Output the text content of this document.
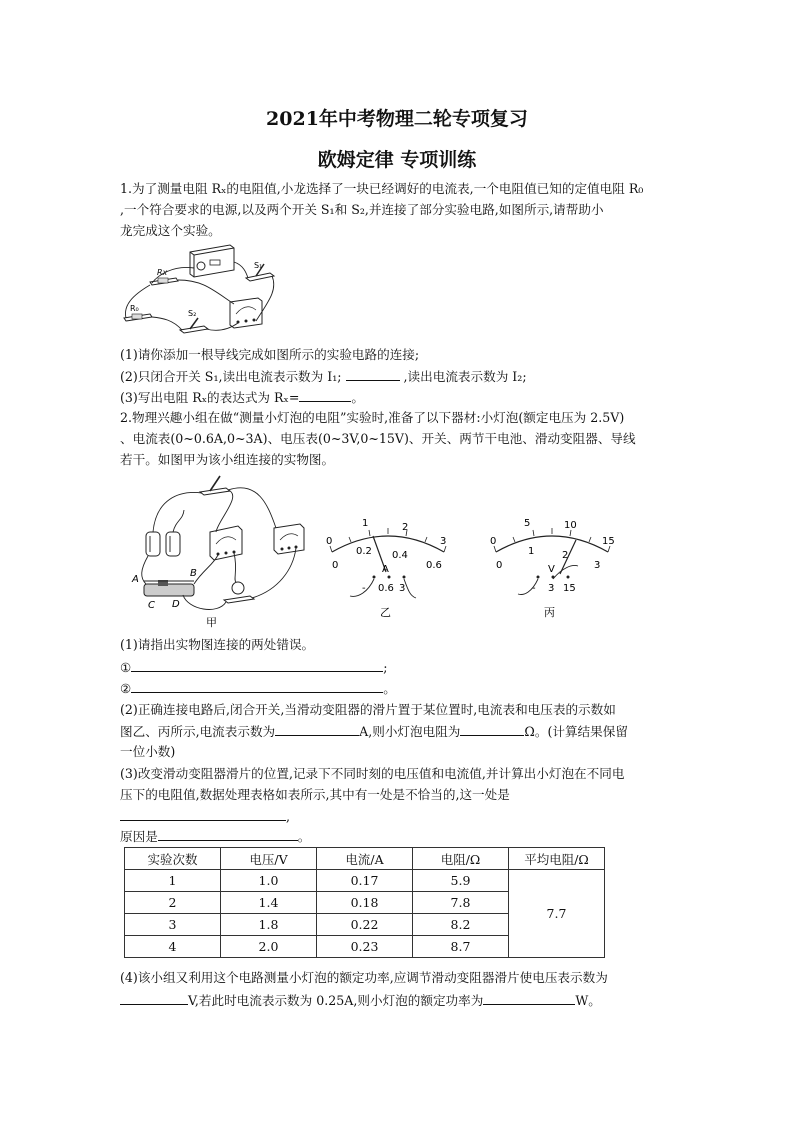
2021年中考物理二轮专项复习
欧姆定律 专项训练
1.为了测量电阻 Rₓ的电阻值,小龙选择了一块已经调好的电流表,一个电阻值已知的定值电阻 R₀
,一个符合要求的电源,以及两个开关 S₁和 S₂,并连接了部分实验电路,如图所示,请帮助小
龙完成这个实验。
S₁
Rx
R₀
S₂
(1)请你添加一根导线完成如图所示的实验电路的连接;
(2)只闭合开关 S₁,读出电流表示数为 I₁;	,读出电流表示数为 I₂;
(3)写出电阻 Rₓ的表达式为 Rₓ=	。
2.物理兴趣小组在做“测量小灯泡的电阻”实验时,准备了以下器材:小灯泡(额定电压为 2.5V)
、电流表(0~0.6A,0~3A)、电压表(0~3V,0~15V)、开关、两节干电池、滑动变阻器、导线
若干。如图甲为该小组连接的实物图。
A
B
C D
甲
0
1	2
3
0
0.2 0.4
0.6
A
- 0.6 3
乙
0
5	10
15
0
1	2
3
V
- 3 15
丙
(1)请指出实物图连接的两处错误。
①	;
②	。
(2)正确连接电路后,闭合开关,当滑动变阻器的滑片置于某位置时,电流表和电压表的示数如
图乙、丙所示,电流表示数为	A,则小灯泡电阻为	Ω。(计算结果保留
一位小数)
(3)改变滑动变阻器滑片的位置,记录下不同时刻的电压值和电流值,并计算出小灯泡在不同电
压下的电阻值,数据处理表格如表所示,其中有一处是不恰当的,这一处是
,
原因是	。
实验次数	电压/V	电流/A	电阻/Ω	平均电阻/Ω
1	1.0	0.17	5.9	7.7
2	1.4	0.18	7.8	
3	1.8	0.22	8.2	
4	2.0	0.23	8.7	
(4)该小组又利用这个电路测量小灯泡的额定功率,应调节滑动变阻器滑片使电压表示数为
V,若此时电流表示数为 0.25A,则小灯泡的额定功率为	W。
